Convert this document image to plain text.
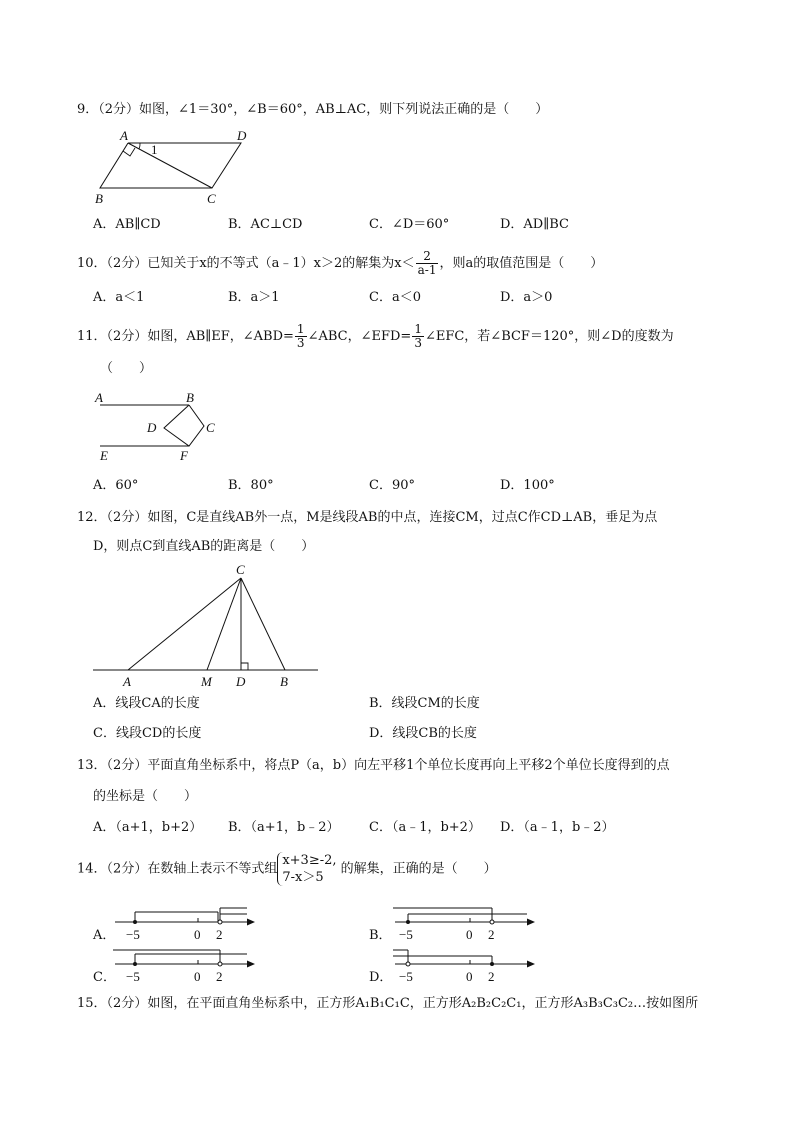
9．（2分）如图，∠1＝30°，∠B＝60°，AB⊥AC，则下列说法正确的是（　　）
A	D
B	C
1
A．AB∥CD	B．AC⊥CD	C．∠D＝60°	D．AD∥BC
10．（2分）已知关于x的不等式（a﹣1）x＞2的解集为$x< \frac{2}{a-1}$ ，则a的取值范围是（　　）
A．a＜1	B．a＞1	C．a＜0	D．a＞0
11．（2分）如图，AB∥EF，∠ABD= $\frac{1}{3}$ ∠ABC，∠EFD= $\frac{1}{3}$ ∠EFC，若∠BCF＝120°，则∠D的度数为
（　　）
A	B
D	C
E	F
A．60°	B．80°	C．90°	D．100°
12．（2分）如图，C是直线AB外一点，M是线段AB的中点，连接CM，过点C作CD⊥AB，垂足为点
D，则点C到直线AB的距离是（　　）
C
A	M D	B
A．线段CA的长度	B．线段CM的长度
C．线段CD的长度	D．线段CB的长度
13．（2分）平面直角坐标系中，将点P（a，b）向左平移1个单位长度再向上平移2个单位长度得到的点
的坐标是（　　）
A．（a+1，b+2） B．（a+1，b﹣2） C．（a﹣1，b+2） D．（a﹣1，b﹣2）
14．（2分）在数轴上表示不等式组
x+3≥-2,
7-x＞5
的解集，正确的是（　　）
A． −5	0 2	B． −5	0 2
C． −5	0 2	D． −5	0 2
15．（2分）如图，在平面直角坐标系中，正方形A₁B₁C₁C，正方形A₂B₂C₂C₁，正方形A₃B₃C₃C₂…按如图所
